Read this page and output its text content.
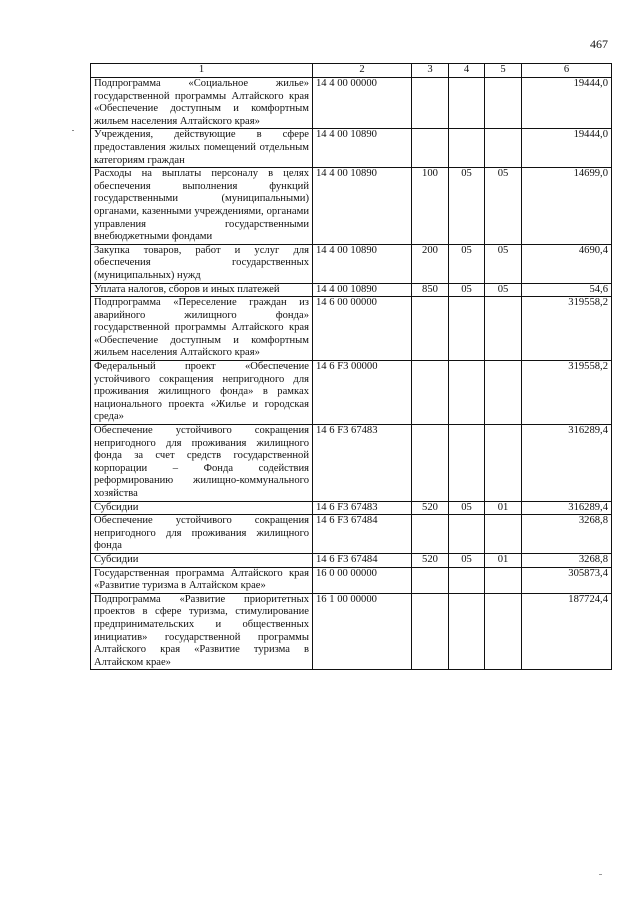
467
1	2	3	4	5	6
Подпрограмма «Социальное жилье» государственной программы Алтайского края «Обеспечение доступным и комфортным жильем населения Алтайского края»	14 4 00 00000				19444,0
Учреждения, действующие в сфере предоставления жилых помещений отдельным категориям граждан	14 4 00 10890				19444,0
Расходы на выплаты персоналу в целях обеспечения выполнения функций государственными (муниципальными) органами, казенными учреждениями, органами управления государственными внебюджетными фондами	14 4 00 10890	100	05	05	14699,0
Закупка товаров, работ и услуг для обеспечения государственных (муниципальных) нужд	14 4 00 10890	200	05	05	4690,4
Уплата налогов, сборов и иных платежей	14 4 00 10890	850	05	05	54,6
Подпрограмма «Переселение граждан из аварийного жилищного фонда» государственной программы Алтайского края «Обеспечение доступным и комфортным жильем населения Алтайского края»	14 6 00 00000				319558,2
Федеральный проект «Обеспечение устойчивого сокращения непригодного для проживания жилищного фонда» в рамках национального проекта «Жилье и городская среда»	14 6 F3 00000				319558,2
Обеспечение устойчивого сокращения непригодного для проживания жилищного фонда за счет средств государственной корпорации – Фонда содействия реформированию жилищно-коммунального хозяйства	14 6 F3 67483				316289,4
Субсидии	14 6 F3 67483	520	05	01	316289,4
Обеспечение устойчивого сокращения непригодного для проживания жилищного фонда	14 6 F3 67484				3268,8
Субсидии	14 6 F3 67484	520	05	01	3268,8
Государственная программа Алтайского края «Развитие туризма в Алтайском крае»	16 0 00 00000				305873,4
Подпрограмма «Развитие приоритетных проектов в сфере туризма, стимулирование предпринимательских и общественных инициатив» государственной программы Алтайского края «Развитие туризма в Алтайском крае»	16 1 00 00000				187724,4
